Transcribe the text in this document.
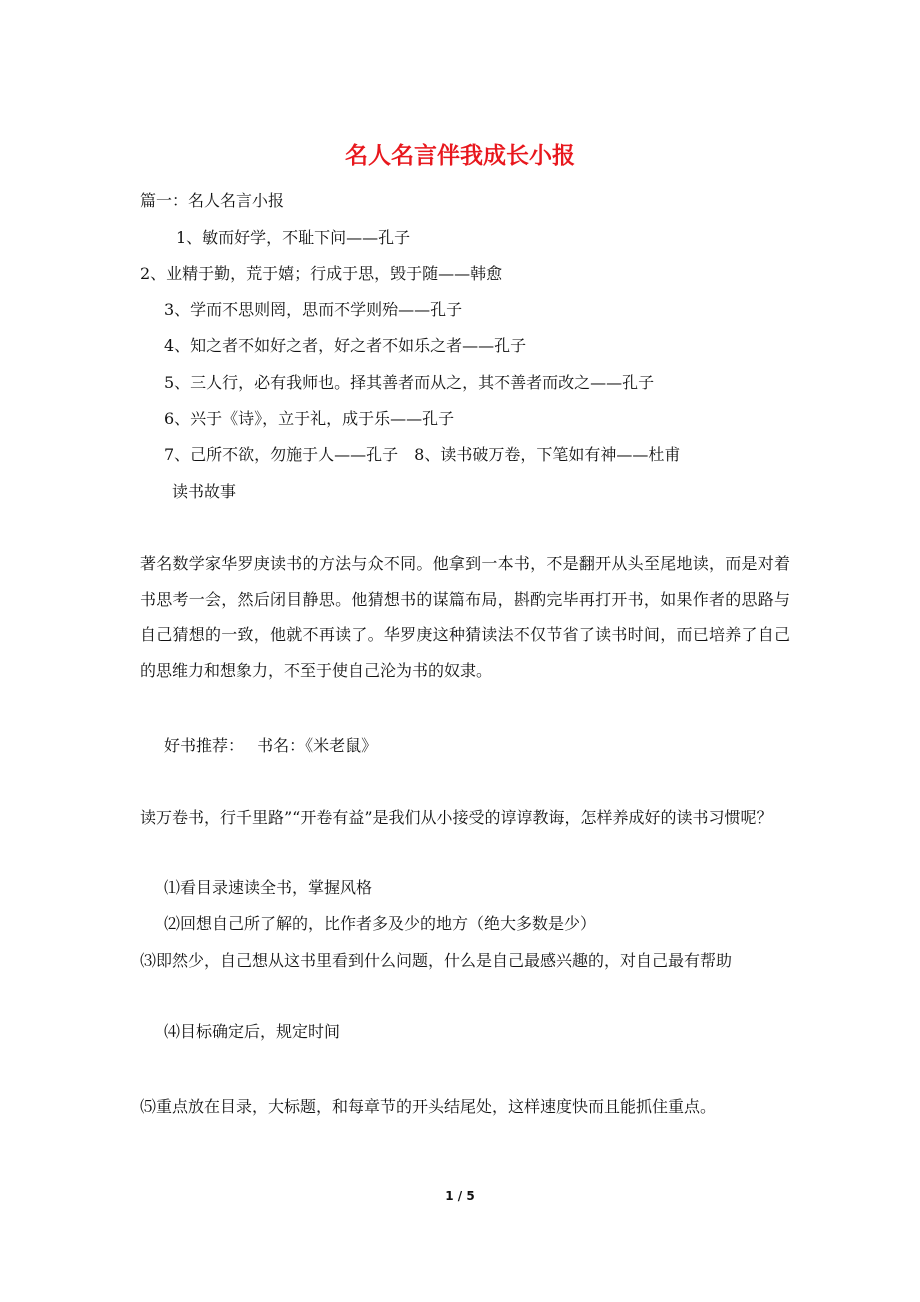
名人名言伴我成长小报
篇一：名人名言小报
1、敏而好学，不耻下问——孔子
2、业精于勤，荒于嬉；行成于思，毁于随——韩愈
3、学而不思则罔，思而不学则殆——孔子
4、知之者不如好之者，好之者不如乐之者——孔子
5、三人行，必有我师也。择其善者而从之，其不善者而改之——孔子
6、兴于《诗》，立于礼，成于乐——孔子
7、己所不欲，勿施于人——孔子　8、读书破万卷，下笔如有神——杜甫
读书故事
著名数学家华罗庚读书的方法与众不同。他拿到一本书，不是翻开从头至尾地读，而是对着书思考一会，然后闭目静思。他猜想书的谋篇布局，斟酌完毕再打开书，如果作者的思路与自己猜想的一致，他就不再读了。华罗庚这种猜读法不仅节省了读书时间，而已培养了自己的思维力和想象力，不至于使自己沦为书的奴隶。
好书推荐：　 书名：《米老鼠》
读万卷书，行千里路”“开卷有益”是我们从小接受的谆谆教诲，怎样养成好的读书习惯呢？
⑴看目录速读全书，掌握风格
⑵回想自己所了解的，比作者多及少的地方（绝大多数是少）
⑶即然少，自己想从这书里看到什么问题，什么是自己最感兴趣的，对自己最有帮助
⑷目标确定后，规定时间
⑸重点放在目录，大标题，和每章节的开头结尾处，这样速度快而且能抓住重点。
1 / 5
